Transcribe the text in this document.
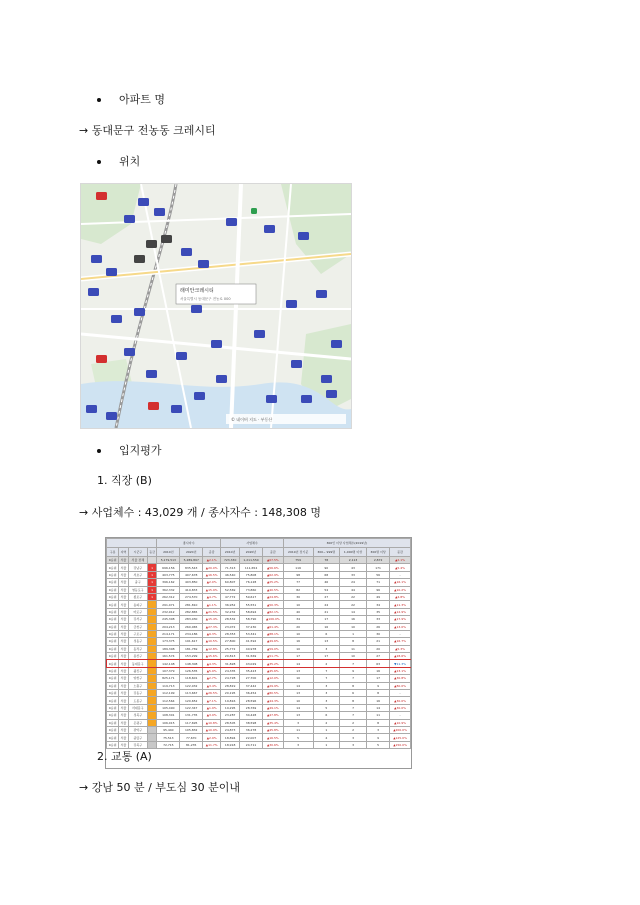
아파트 명
→ 동대문구 전농동 크레시티
위치
래미안크레시티
서울특별시 동대문구 전농로 000
© 네이버 지도 · 부동산
입지평가
1. 직장 (B)
→ 사업체수 : 43,029 개 / 종사자수 : 148,308 명
				종사자수			사업체수			300인 이상 사업체수(2019년)				
구분	지역	시군구	등급	2010년	2020년	증감	2010년	2020년	증감	2019년 전기준	300~ 999명	1,000명 이상	300명 이상	증감
0순위	서울	서울 전체		5,179,513	5,289,897	▲2.1%	723,330	1,211,550	▲67.5%	759	78	2,113	2,872	▲2.1%
0순위	서울	강남구	1	696,156	835,543	▲20.0%	71,313	111,654	▲56.6%	116	90	43	171	▲5.4%
0순위	서울	서초구	1	403,775	407,678	▲16.5%	46,540	75,808	▲62.9%	98	68	33	56	-
0순위	서울	중구	1	396,162	403,850	▲2.0%	60,807	76,128	▲25.2%	77	46	24	71	▲16.1%
0순위	서울	영등포구	1	362,332	419,833	▲15.9%	52,569	73,860	▲40.5%	82	54	44	96	▲10.2%
0순위	서울	종로구	1	262,312	274,570	▲4.7%	47,772	59,617	▲24.8%	30	27	22	49	▲4.8%
0순위	서울	송파구		291,071	281,810	▲1.1%	36,952	55,551	▲50.3%	10	24	22	34	▲11.3%
0순위	서울	마포구		232,912	282,865	▲21.5%	32,232	58,694	▲82.1%	40	21	14	35	▲12.9%
0순위	서울	강서구		245,308	283,030	▲15.4%	28,532	58,790	▲106.0%	34	17	16	33	▲17.9%
0순위	서울	금천구		204,213	260,065	▲27.3%	23,072	37,230	▲61.4%	20	16	10	26	▲13.0%
0순위	서울	구로구		214,171	234,186	▲9.3%	28,353	53,341	▲88.1%	10	6	1	30	-
0순위	서울	성동구		173,375	191,617	▲10.5%	27,800	41,592	▲49.6%	16	13	8	21	▲16.7%
0순위	서울	동작구		189,308	181,769	▲12.8%	25,772	40,978	▲59.0%	10	3	11	20	▲5.3%
0순위	서울	용산구		161,574	153,299	▲15.6%	20,813	31,569	▲51.7%	17	17	10	27	▲28.6%
0순위	서울	동대문구		142,148	148,308	▲4.3%	31,828	43,029	▲35.2%	14	2	7	63	▼11.3%
0순위	서울	광진구		107,379	126,535	▲5.9%	24,335	35,423	▲45.6%	13	7	9	16	▲23.1%
0순위	서울	양천구		825,171	118,601	▲2.7%	24,728	27,700	▲12.0%	10	7	7	17	▲30.8%
0순위	서울	노원구		119,713	122,032	▲3.4%	28,819	37,442	▲29.9%	14	3	8	9	▲80.0%
0순위	서울	강동구		112,199	113,667	▲26.5%	20,195	36,454	▲80.5%	13	3	6	8	-
0순위	서울	도봉구		112,564	120,652	▲7.1%	19,816	28,596	▲44.3%	10	3	8	16	▲30.0%
0순위	서울	서대문구		105,490	122,347	▲1.9%	19,295	28,769	▲49.1%	14	5	7	14	▲30.0%
0순위	서울	성북구		108,301	131,735	▲3.9%	23,287	34,428	▲47.8%	13	6	7	11	-
0순위	서울	은평구		106,015	117,695	▲10.8%	28,505	38,598	▲35.4%	3	2	2	8	▲10.9%
0순위	서울	관악구		95,440	105,832	▲10.9%	24,873	36,278	▲45.8%	11	1	2	3	▲200.0%
0순위	서울	중랑구		75,513	77,670	▲2.9%	18,894	22,007	▲16.5%	5	4	3	9	▲125.0%
0순위	서울	강북구		72,715	81,235	▲11.7%	18,918	24,711	▲30.6%	3	1	3	5	▲150.0%
2. 교통 (A)
→ 강남 50 분 / 부도심 30 분이내
